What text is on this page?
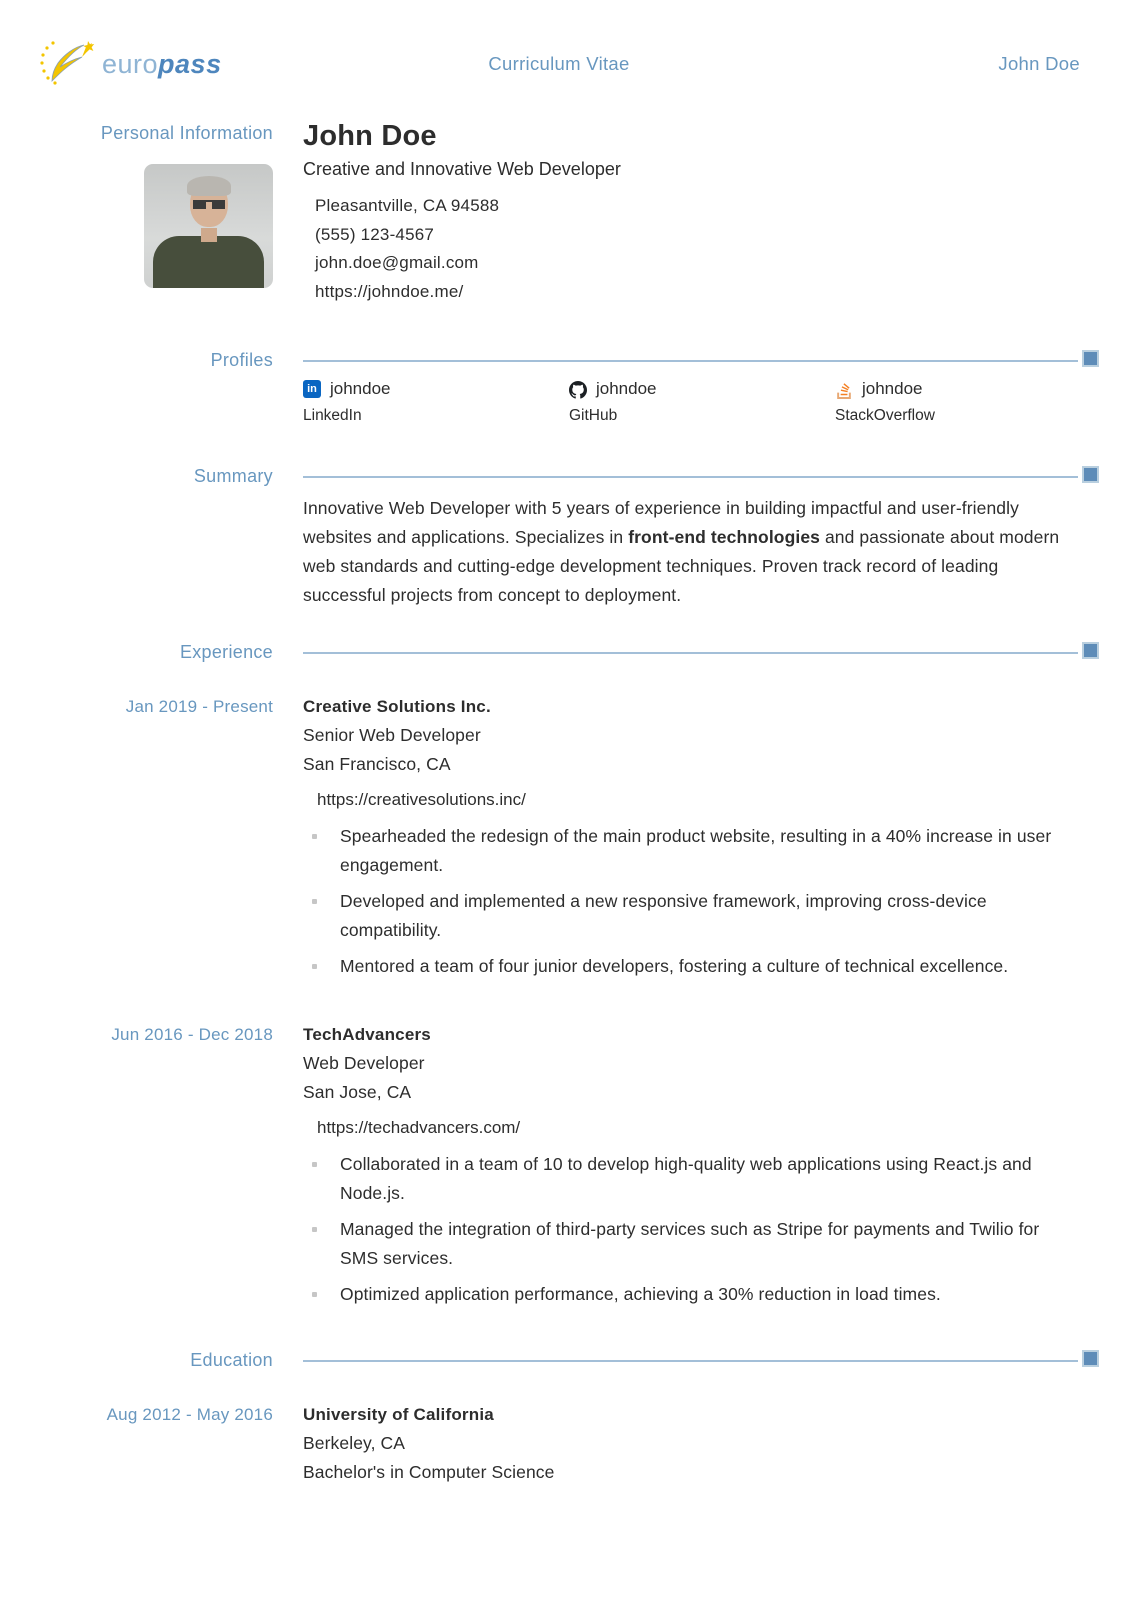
europass	Curriculum Vitae	John Doe
Personal Information John Doe
Creative and Innovative Web Developer
Pleasantville, CA 94588
(555) 123-4567
john.doe@gmail.com
https://johndoe.me/
Profiles
in johndoe
LinkedIn
johndoe
GitHub
johndoe
StackOverflow
Summary
Innovative Web Developer with 5 years of experience in building impactful and user-friendly websites and applications. Specializes in front-end technologies and passionate about modern web standards and cutting-edge development techniques. Proven track record of leading successful projects from concept to deployment.
Experience
Jan 2019 - Present Creative Solutions Inc.
Senior Web Developer
San Francisco, CA
https://creativesolutions.inc/
Spearheaded the redesign of the main product website, resulting in a 40% increase in user engagement.
Developed and implemented a new responsive framework, improving cross-device compatibility.
Mentored a team of four junior developers, fostering a culture of technical excellence.
Jun 2016 - Dec 2018 TechAdvancers
Web Developer
San Jose, CA
https://techadvancers.com/
Collaborated in a team of 10 to develop high-quality web applications using React.js and Node.js.
Managed the integration of third-party services such as Stripe for payments and Twilio for SMS services.
Optimized application performance, achieving a 30% reduction in load times.
Education
Aug 2012 - May 2016 University of California
Berkeley, CA
Bachelor's in Computer Science
